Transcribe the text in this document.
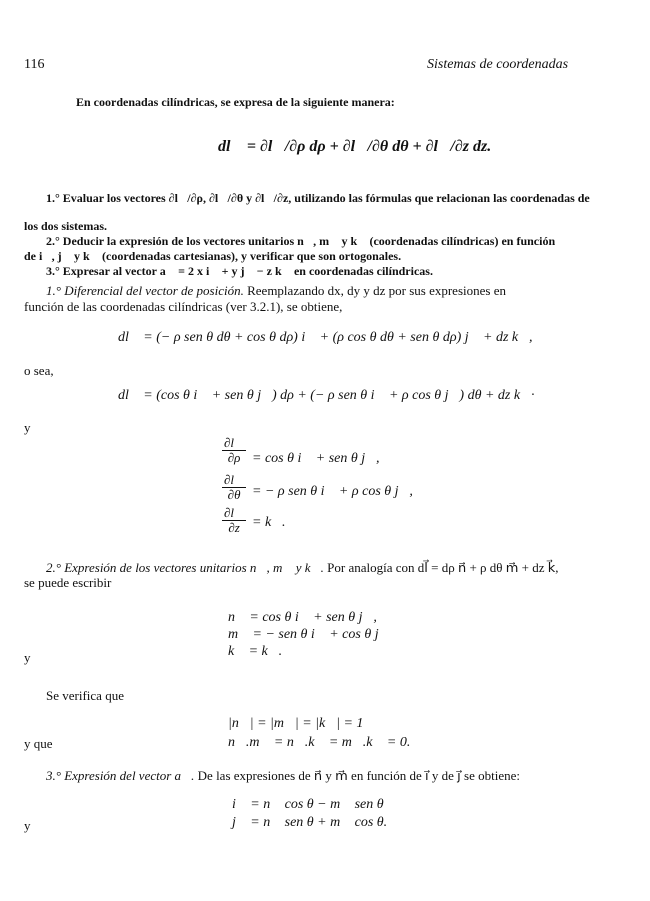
116	Sistemas de coordenadas
En coordenadas cilíndricas, se expresa de la siguiente manera:
dl⃗ = ∂l⃗/∂ρ dρ + ∂l⃗/∂θ dθ + ∂l⃗/∂z dz.
1.° Evaluar los vectores ∂l⃗/∂ρ, ∂l⃗/∂θ y ∂l⃗/∂z, utilizando las fórmulas que relacionan las coordenadas de
los dos sistemas.
2.° Deducir la expresión de los vectores unitarios n⃗, m⃗ y k⃗ (coordenadas cilíndricas) en función
de i⃗, j⃗ y k⃗ (coordenadas cartesianas), y verificar que son ortogonales.
3.° Expresar al vector a⃗ = 2 x i⃗ + y j⃗ − z k⃗ en coordenadas cilíndricas.
1.° Diferencial del vector de posición. Reemplazando dx, dy y dz por sus expresiones en
función de las coordenadas cilíndricas (ver 3.2.1), se obtiene,
dl⃗ = (− ρ sen θ dθ + cos θ dρ) i⃗ + (ρ cos θ dθ + sen θ dρ) j⃗ + dz k⃗,
o sea,
dl⃗ = (cos θ i⃗ + sen θ j⃗) dρ + (− ρ sen θ i⃗ + ρ cos θ j⃗) dθ + dz k⃗·
y
$\frac{\partial l⃗}{\partial\rho} = \cos \theta$ i⃗ + sen θ j⃗,
$\frac{\partial l⃗}{\partial\theta}$ = − ρ sen θ i⃗ + ρ cos θ j⃗,
$\frac{\partial l⃗}{\partial z}$ = k⃗.
2.° Expresión de los vectores unitarios n⃗, m⃗ y k⃗. Por analogía con dl⃗ = dρ n⃗ + ρ dθ m⃗ + dz k⃗,
se puede escribir
n⃗ = cos θ i⃗ + sen θ j⃗,
m⃗ = − sen θ i⃗ + cos θ j⃗
k⃗ = k⃗.
y
Se verifica que
|n⃗| = |m⃗| = |k⃗| = 1
y que	n⃗.m⃗ = n⃗.k⃗ = m⃗.k⃗ = 0.
3.° Expresión del vector a⃗. De las expresiones de n⃗ y m⃗ en función de i⃗ y de j⃗ se obtiene:
i⃗ = n⃗ cos θ − m⃗ sen θ
j⃗ = n⃗ sen θ + m⃗ cos θ.
y
